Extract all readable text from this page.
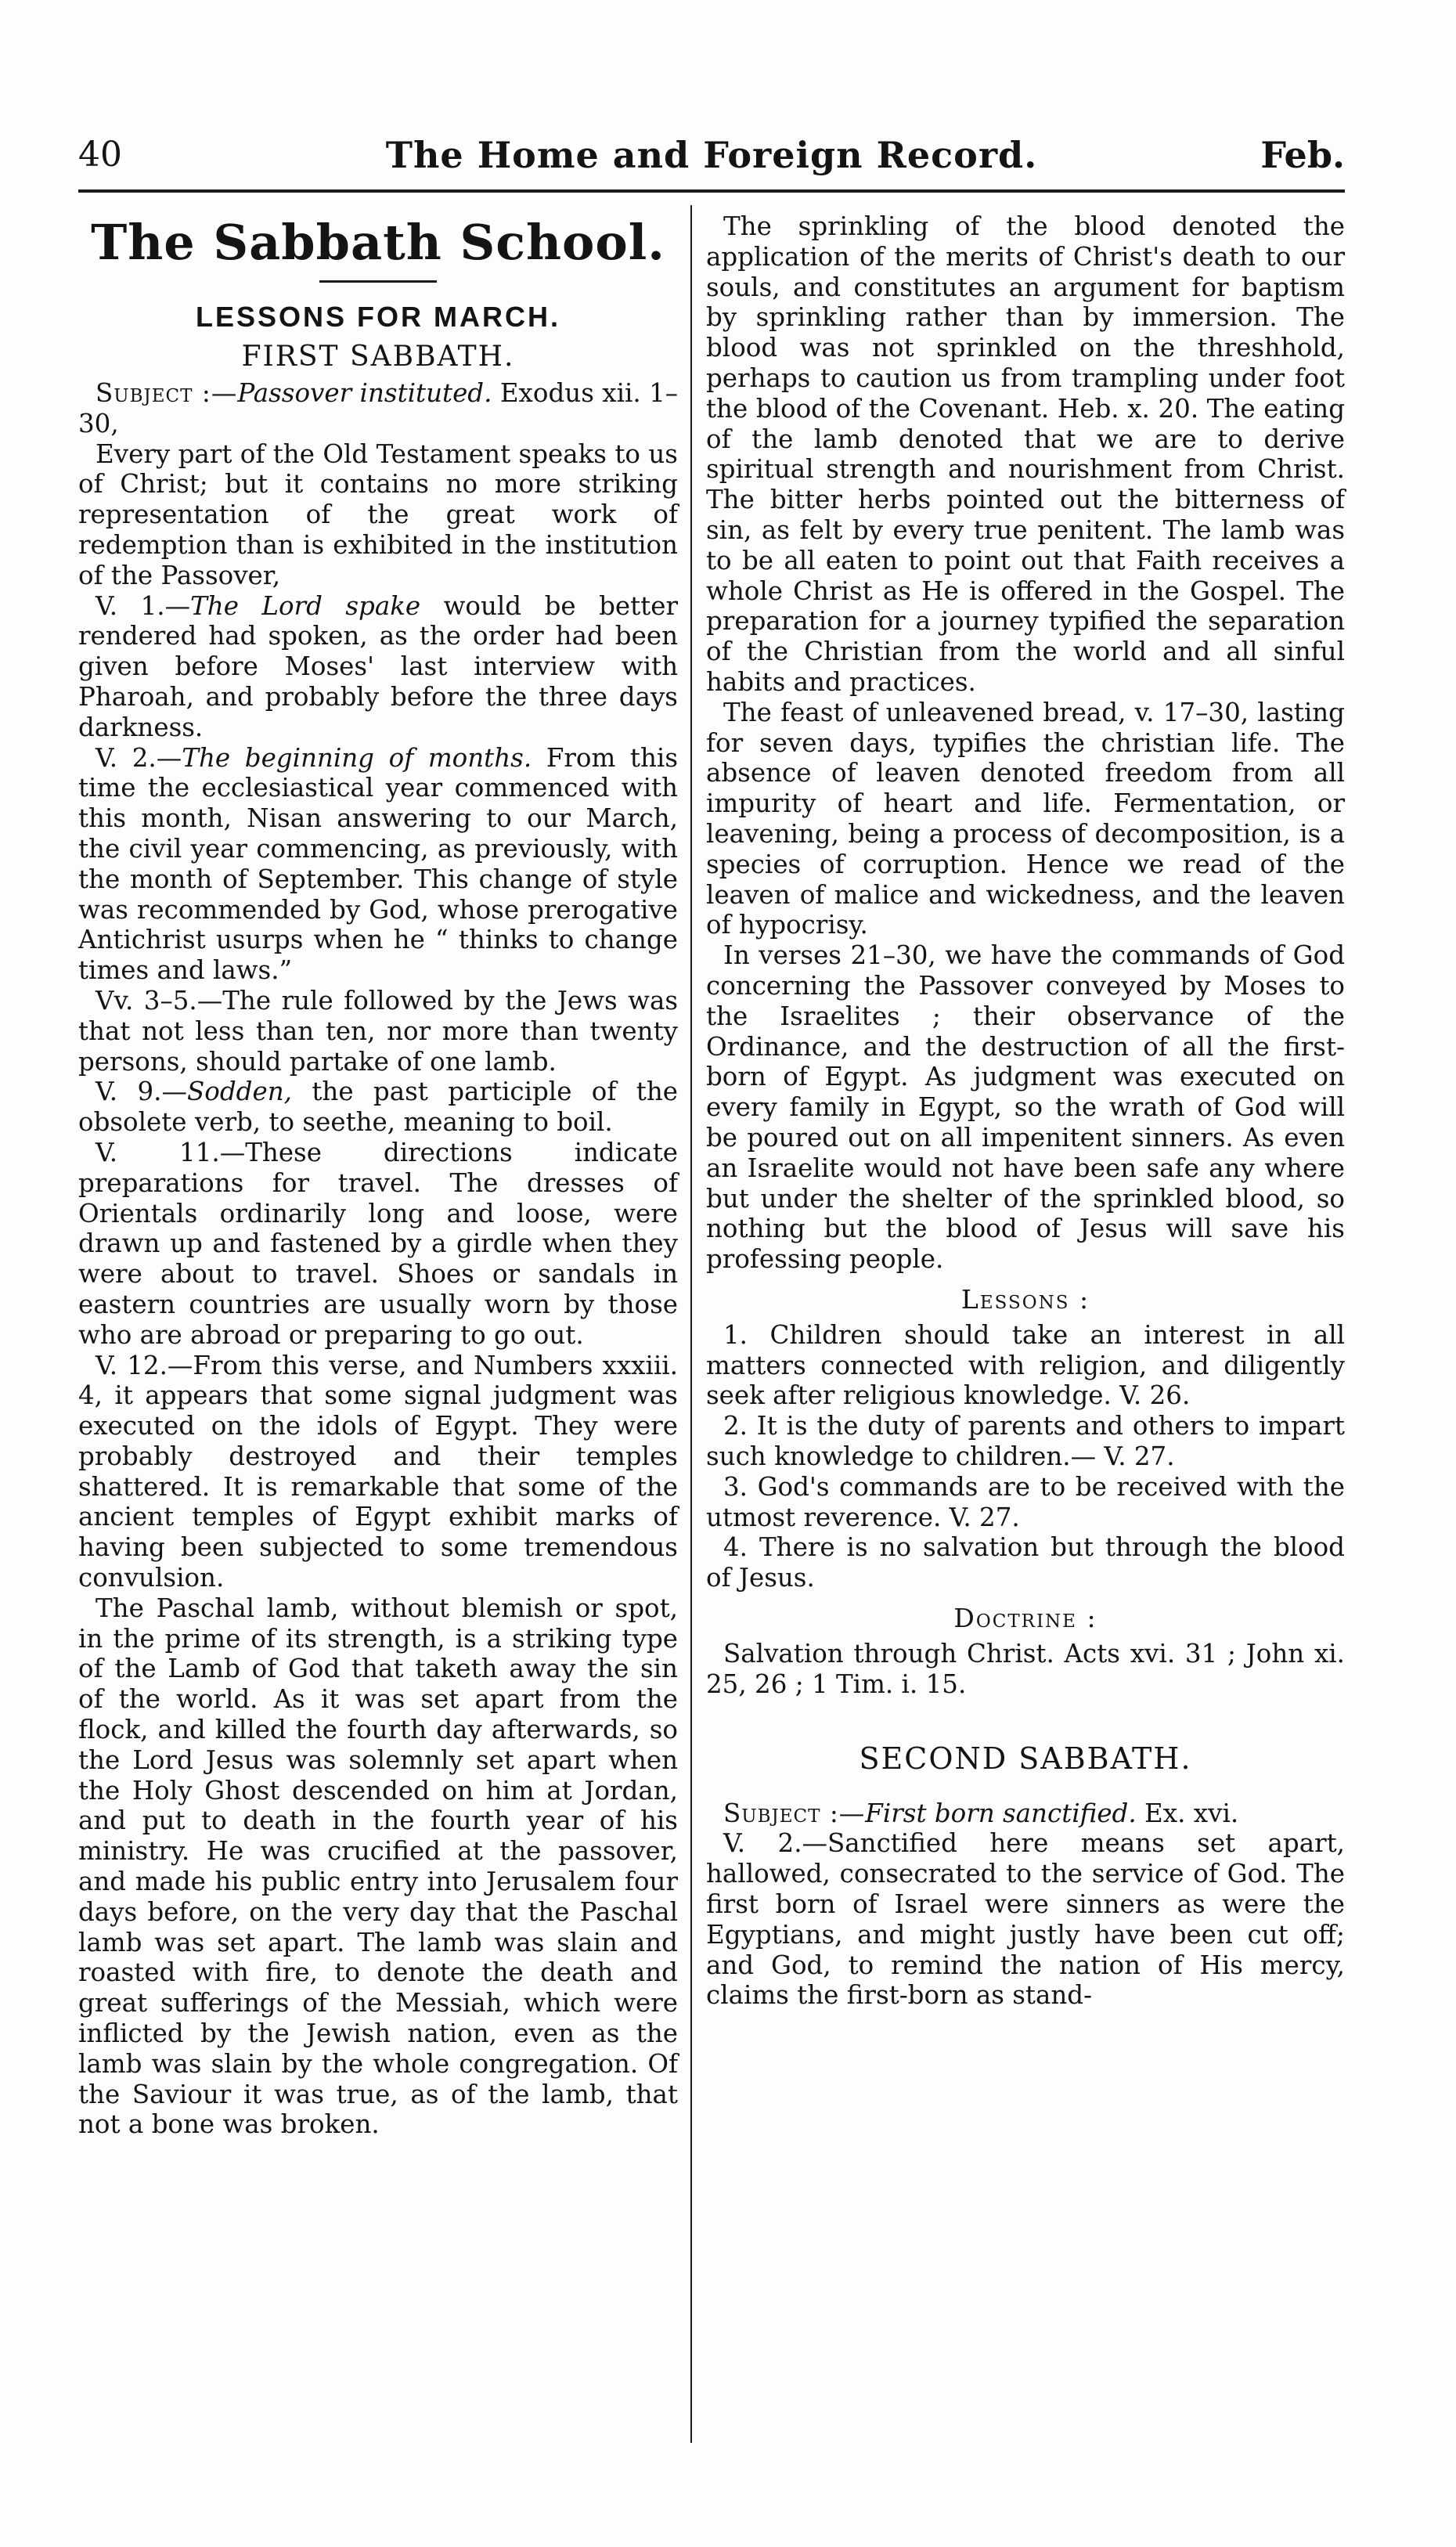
40	The Home and Foreign Record.	Feb.
The Sabbath School.
LESSONS FOR MARCH.
FIRST SABBATH.

Subject :—Passover instituted. Exodus xii. 1–30,

Every part of the Old Testament speaks to us of Christ; but it contains no more striking representation of the great work of redemption than is exhibited in the institution of the Passover,

V. 1.—The Lord spake would be better rendered had spoken, as the order had been given before Moses' last interview with Pharoah, and probably before the three days darkness.

V. 2.—The beginning of months. From this time the ecclesiastical year commenced with this month, Nisan answering to our March, the civil year commencing, as previously, with the month of September. This change of style was recommended by God, whose prerogative Antichrist usurps when he “ thinks to change times and laws.”

Vv. 3–5.—The rule followed by the Jews was that not less than ten, nor more than twenty persons, should partake of one lamb.

V. 9.—Sodden, the past participle of the obsolete verb, to seethe, meaning to boil.

V. 11.—These directions indicate preparations for travel. The dresses of Orientals ordinarily long and loose, were drawn up and fastened by a girdle when they were about to travel. Shoes or sandals in eastern countries are usually worn by those who are abroad or preparing to go out.

V. 12.—From this verse, and Numbers xxxiii. 4, it appears that some signal judgment was executed on the idols of Egypt. They were probably destroyed and their temples shattered. It is remarkable that some of the ancient temples of Egypt exhibit marks of having been subjected to some tremendous convulsion.

The Paschal lamb, without blemish or spot, in the prime of its strength, is a striking type of the Lamb of God that taketh away the sin of the world. As it was set apart from the flock, and killed the fourth day afterwards, so the Lord Jesus was solemnly set apart when the Holy Ghost descended on him at Jordan, and put to death in the fourth year of his ministry. He was crucified at the passover, and made his public entry into Jerusalem four days before, on the very day that the Paschal lamb was set apart. The lamb was slain and roasted with fire, to denote the death and great sufferings of the Messiah, which were inflicted by the Jewish nation, even as the lamb was slain by the whole congregation. Of the Saviour it was true, as of the lamb, that not a bone was broken.

The sprinkling of the blood denoted the application of the merits of Christ's death to our souls, and constitutes an argument for baptism by sprinkling rather than by immersion. The blood was not sprinkled on the threshhold, perhaps to caution us from trampling under foot the blood of the Covenant. Heb. x. 20. The eating of the lamb denoted that we are to derive spiritual strength and nourishment from Christ. The bitter herbs pointed out the bitterness of sin, as felt by every true penitent. The lamb was to be all eaten to point out that Faith receives a whole Christ as He is offered in the Gospel. The preparation for a journey typified the separation of the Christian from the world and all sinful habits and practices.

The feast of unleavened bread, v. 17–30, lasting for seven days, typifies the christian life. The absence of leaven denoted freedom from all impurity of heart and life. Fermentation, or leavening, being a process of decomposition, is a species of corruption. Hence we read of the leaven of malice and wickedness, and the leaven of hypocrisy.

In verses 21–30, we have the commands of God concerning the Passover conveyed by Moses to the Israelites ; their observance of the Ordinance, and the destruction of all the first-born of Egypt. As judgment was executed on every family in Egypt, so the wrath of God will be poured out on all impenitent sinners. As even an Israelite would not have been safe any where but under the shelter of the sprinkled blood, so nothing but the blood of Jesus will save his professing people.

Lessons :

1. Children should take an interest in all matters connected with religion, and diligently seek after religious knowledge. V. 26.

2. It is the duty of parents and others to impart such knowledge to children.— V. 27.

3. God's commands are to be received with the utmost reverence. V. 27.

4. There is no salvation but through the blood of Jesus.

Doctrine :

Salvation through Christ. Acts xvi. 31 ; John xi. 25, 26 ; 1 Tim. i. 15.

SECOND SABBATH.

Subject :—First born sanctified. Ex. xvi.

V. 2.—Sanctified here means set apart, hallowed, consecrated to the service of God. The first born of Israel were sinners as were the Egyptians, and might justly have been cut off; and God, to remind the nation of His mercy, claims the first-born as stand-
